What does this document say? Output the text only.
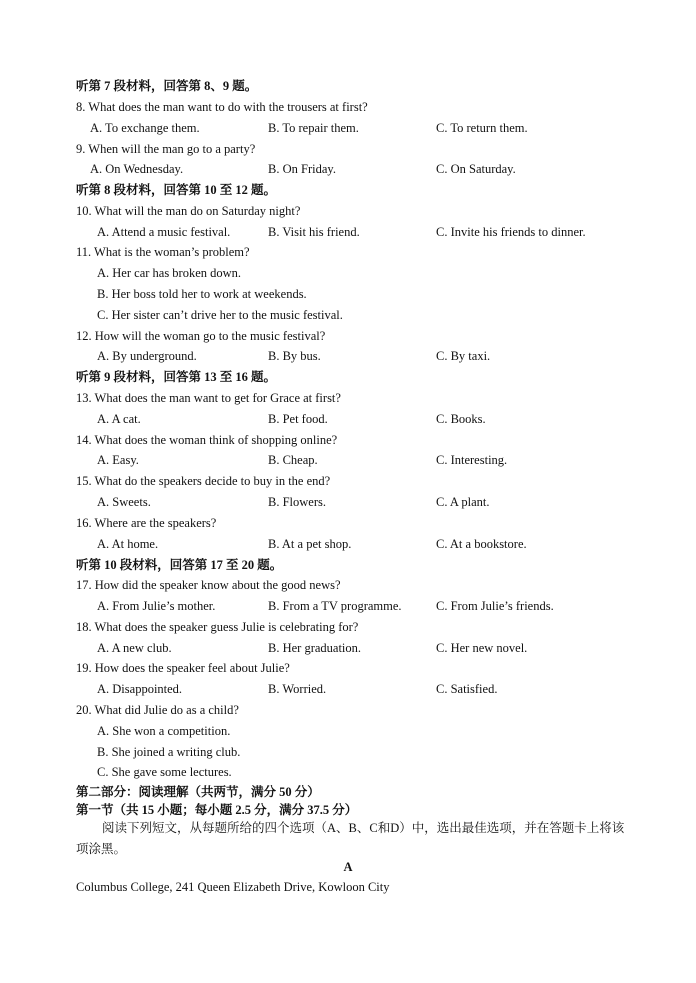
听第 7 段材料，回答第 8、9 题。
8. What does the man want to do with the trousers at first?
A. To exchange them.	B. To repair them.	C. To return them.
9. When will the man go to a party?
A. On Wednesday.	B. On Friday.	C. On Saturday.
听第 8 段材料，回答第 10 至 12 题。
10. What will the man do on Saturday night?
A. Attend a music festival.	B. Visit his friend.	C. Invite his friends to dinner.
11. What is the woman’s problem?
A. Her car has broken down.
B. Her boss told her to work at weekends.
C. Her sister can’t drive her to the music festival.
12. How will the woman go to the music festival?
A. By underground.	B. By bus.	C. By taxi.
听第 9 段材料，回答第 13 至 16 题。
13. What does the man want to get for Grace at first?
A. A cat.	B. Pet food.	C. Books.
14. What does the woman think of shopping online?
A. Easy.	B. Cheap.	C. Interesting.
15. What do the speakers decide to buy in the end?
A. Sweets.	B. Flowers.	C. A plant.
16. Where are the speakers?
A. At home.	B. At a pet shop.	C. At a bookstore.
听第 10 段材料，回答第 17 至 20 题。
17. How did the speaker know about the good news?
A. From Julie’s mother.	B. From a TV programme.	C. From Julie’s friends.
18. What does the speaker guess Julie is celebrating for?
A. A new club.	B. Her graduation.	C. Her new novel.
19. How does the speaker feel about Julie?
A. Disappointed.	B. Worried.	C. Satisfied.
20. What did Julie do as a child?
A. She won a competition.
B. She joined a writing club.
C. She gave some lectures.
第二部分：阅读理解（共两节，满分 50 分）
第一节（共 15 小题；每小题 2.5 分，满分 37.5 分）
阅读下列短文，从每题所给的四个选项（A、B、C和D）中，选出最佳选项，并在答题卡上将该项涂黑。
A
Columbus College, 241 Queen Elizabeth Drive, Kowloon City
